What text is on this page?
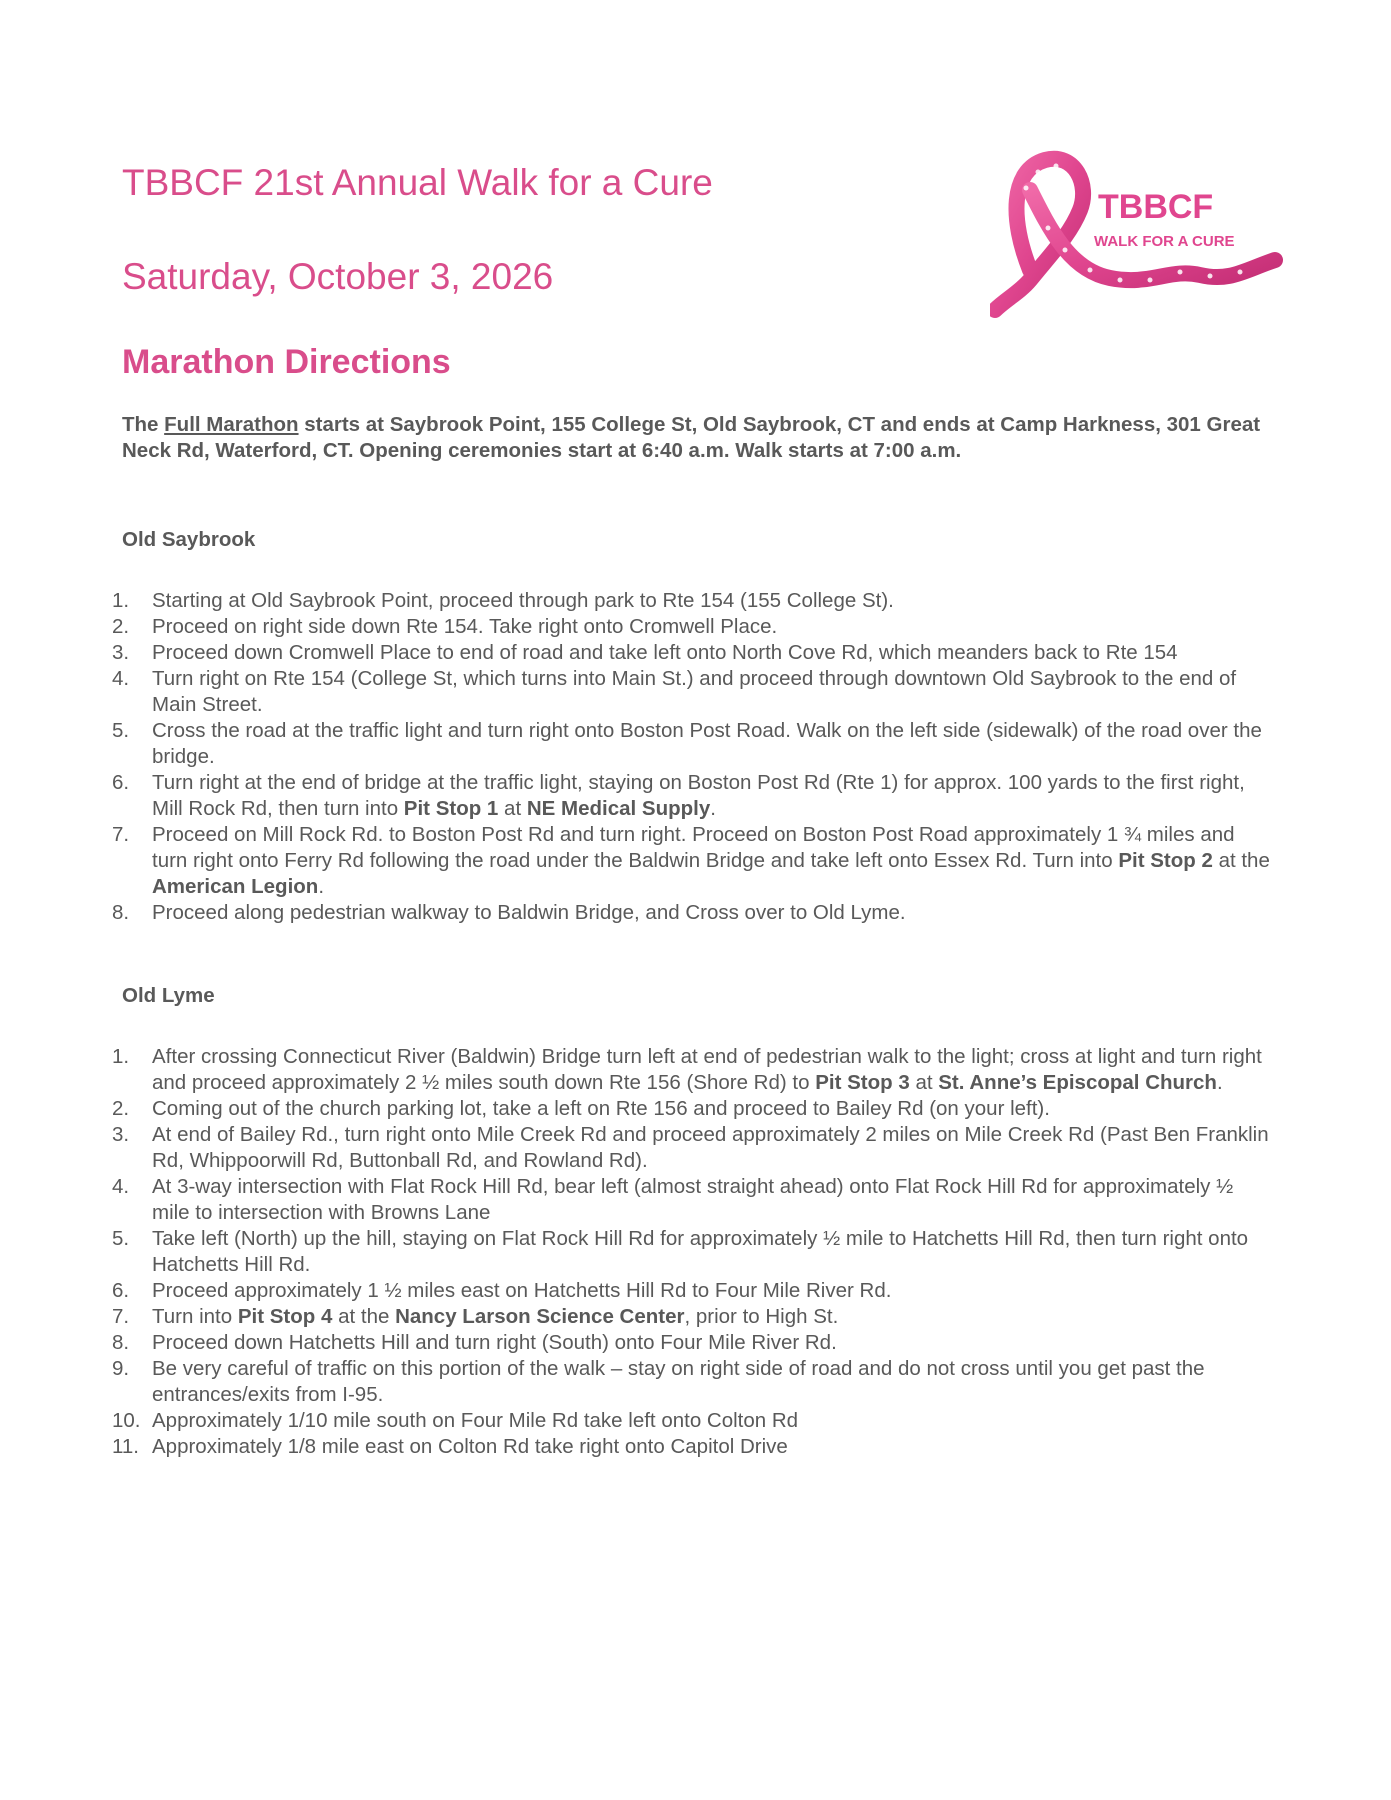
TBBCF 21st Annual Walk for a Cure
Saturday, October 3, 2026
TBBCF
WALK FOR A CURE
Marathon Directions

The Full Marathon starts at Saybrook Point, 155 College St, Old Saybrook, CT and ends at Camp Harkness, 301 Great Neck Rd, Waterford, CT. Opening ceremonies start at 6:40 a.m. Walk starts at 7:00 a.m.

Old Saybrook
1.	Starting at Old Saybrook Point, proceed through park to Rte 154 (155 College St).
2.	Proceed on right side down Rte 154. Take right onto Cromwell Place.
3.	Proceed down Cromwell Place to end of road and take left onto North Cove Rd, which meanders back to Rte 154
4.	Turn right on Rte 154 (College St, which turns into Main St.) and proceed through downtown Old Saybrook to the end of Main Street.
5.	Cross the road at the traffic light and turn right onto Boston Post Road. Walk on the left side (sidewalk) of the road over the bridge.
6.	Turn right at the end of bridge at the traffic light, staying on Boston Post Rd (Rte 1) for approx. 100 yards to the first right, Mill Rock Rd, then turn into Pit Stop 1 at NE Medical Supply.
7.	Proceed on Mill Rock Rd. to Boston Post Rd and turn right. Proceed on Boston Post Road approximately 1 ¾ miles and turn right onto Ferry Rd following the road under the Baldwin Bridge and take left onto Essex Rd. Turn into Pit Stop 2 at the American Legion.
8.	Proceed along pedestrian walkway to Baldwin Bridge, and Cross over to Old Lyme.
Old Lyme
1.	After crossing Connecticut River (Baldwin) Bridge turn left at end of pedestrian walk to the light; cross at light and turn right and proceed approximately 2 ½ miles south down Rte 156 (Shore Rd) to Pit Stop 3 at St. Anne’s Episcopal Church.
2.	Coming out of the church parking lot, take a left on Rte 156 and proceed to Bailey Rd (on your left).
3.	At end of Bailey Rd., turn right onto Mile Creek Rd and proceed approximately 2 miles on Mile Creek Rd (Past Ben Franklin Rd, Whippoorwill Rd, Buttonball Rd, and Rowland Rd).
4.	At 3-way intersection with Flat Rock Hill Rd, bear left (almost straight ahead) onto Flat Rock Hill Rd for approximately ½ mile to intersection with Browns Lane
5.	Take left (North) up the hill, staying on Flat Rock Hill Rd for approximately ½ mile to Hatchetts Hill Rd, then turn right onto Hatchetts Hill Rd.
6.	Proceed approximately 1 ½ miles east on Hatchetts Hill Rd to Four Mile River Rd.
7.	Turn into Pit Stop 4 at the Nancy Larson Science Center, prior to High St.
8.	Proceed down Hatchetts Hill and turn right (South) onto Four Mile River Rd.
9.	Be very careful of traffic on this portion of the walk – stay on right side of road and do not cross until you get past the entrances/exits from I-95.
10. Approximately 1/10 mile south on Four Mile Rd take left onto Colton Rd
11. Approximately 1/8 mile east on Colton Rd take right onto Capitol Drive
